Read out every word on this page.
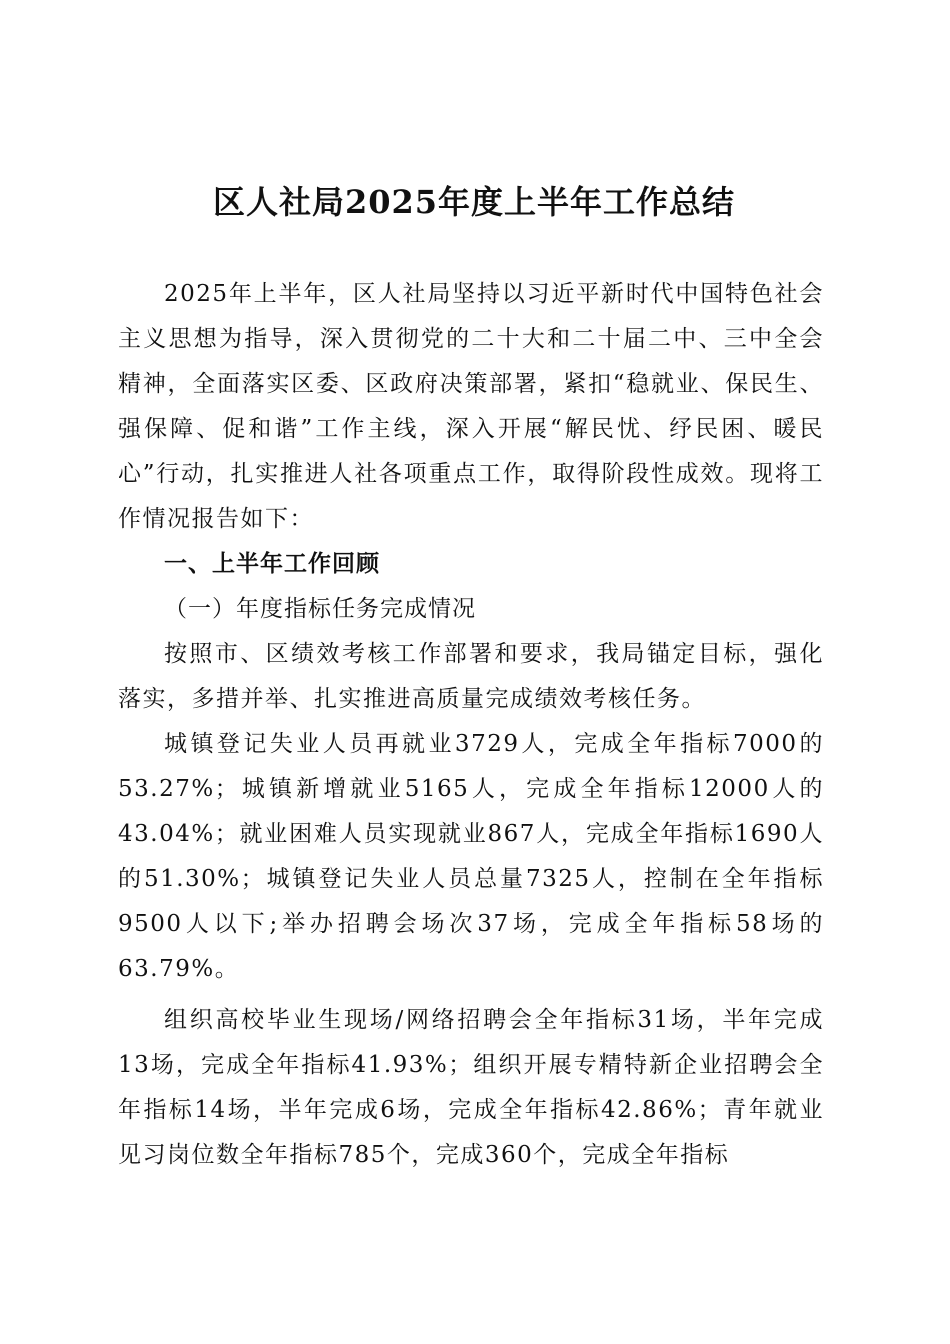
区人社局2025年度上半年工作总结

2025年上半年，区人社局坚持以习近平新时代中国特色社会主义思想为指导，深入贯彻党的二十大和二十届二中、三中全会精神，全面落实区委、区政府决策部署，紧扣“稳就业、保民生、强保障、促和谐”工作主线，深入开展“解民忧、纾民困、暖民心”行动，扎实推进人社各项重点工作，取得阶段性成效。现将工作情况报告如下：

一、上半年工作回顾

（一）年度指标任务完成情况

按照市、区绩效考核工作部署和要求，我局锚定目标，强化落实，多措并举、扎实推进高质量完成绩效考核任务。

城镇登记失业人员再就业3729人，完成全年指标7000的53.27%；城镇新增就业5165人，完成全年指标12000人的43.04%；就业困难人员实现就业867人，完成全年指标1690人的51.30%；城镇登记失业人员总量7325人，控制在全年指标9500人以下;举办招聘会场次37场，完成全年指标58场的63.79%。

组织高校毕业生现场/网络招聘会全年指标31场，半年完成13场，完成全年指标41.93%；组织开展专精特新企业招聘会全年指标14场，半年完成6场，完成全年指标42.86%；青年就业见习岗位数全年指标785个，完成360个，完成全年指标
